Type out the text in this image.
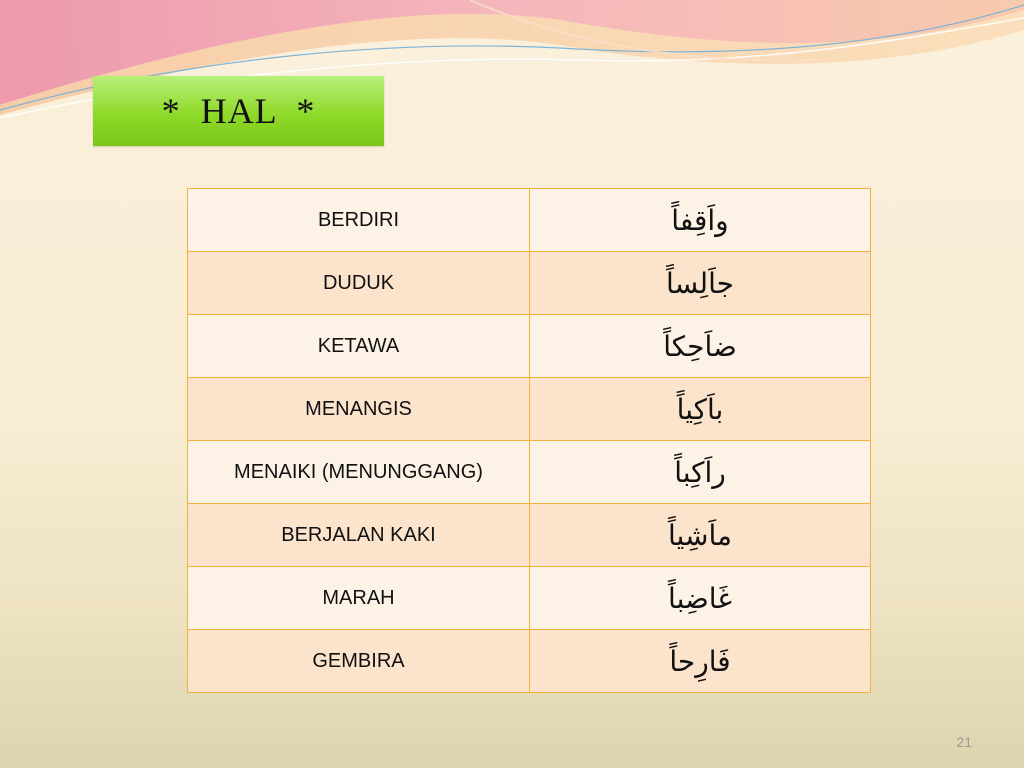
*  HAL  *
BERDIRI	واَقِفاً
DUDUK	جاَلِساً
KETAWA	ضاَحِكاً
MENANGIS	باَكِياً
MENAIKI (MENUNGGANG)	راَكِباً
BERJALAN KAKI	ماَشِياً
MARAH	غَاضِباً
GEMBIRA	فَارِحاً
21
